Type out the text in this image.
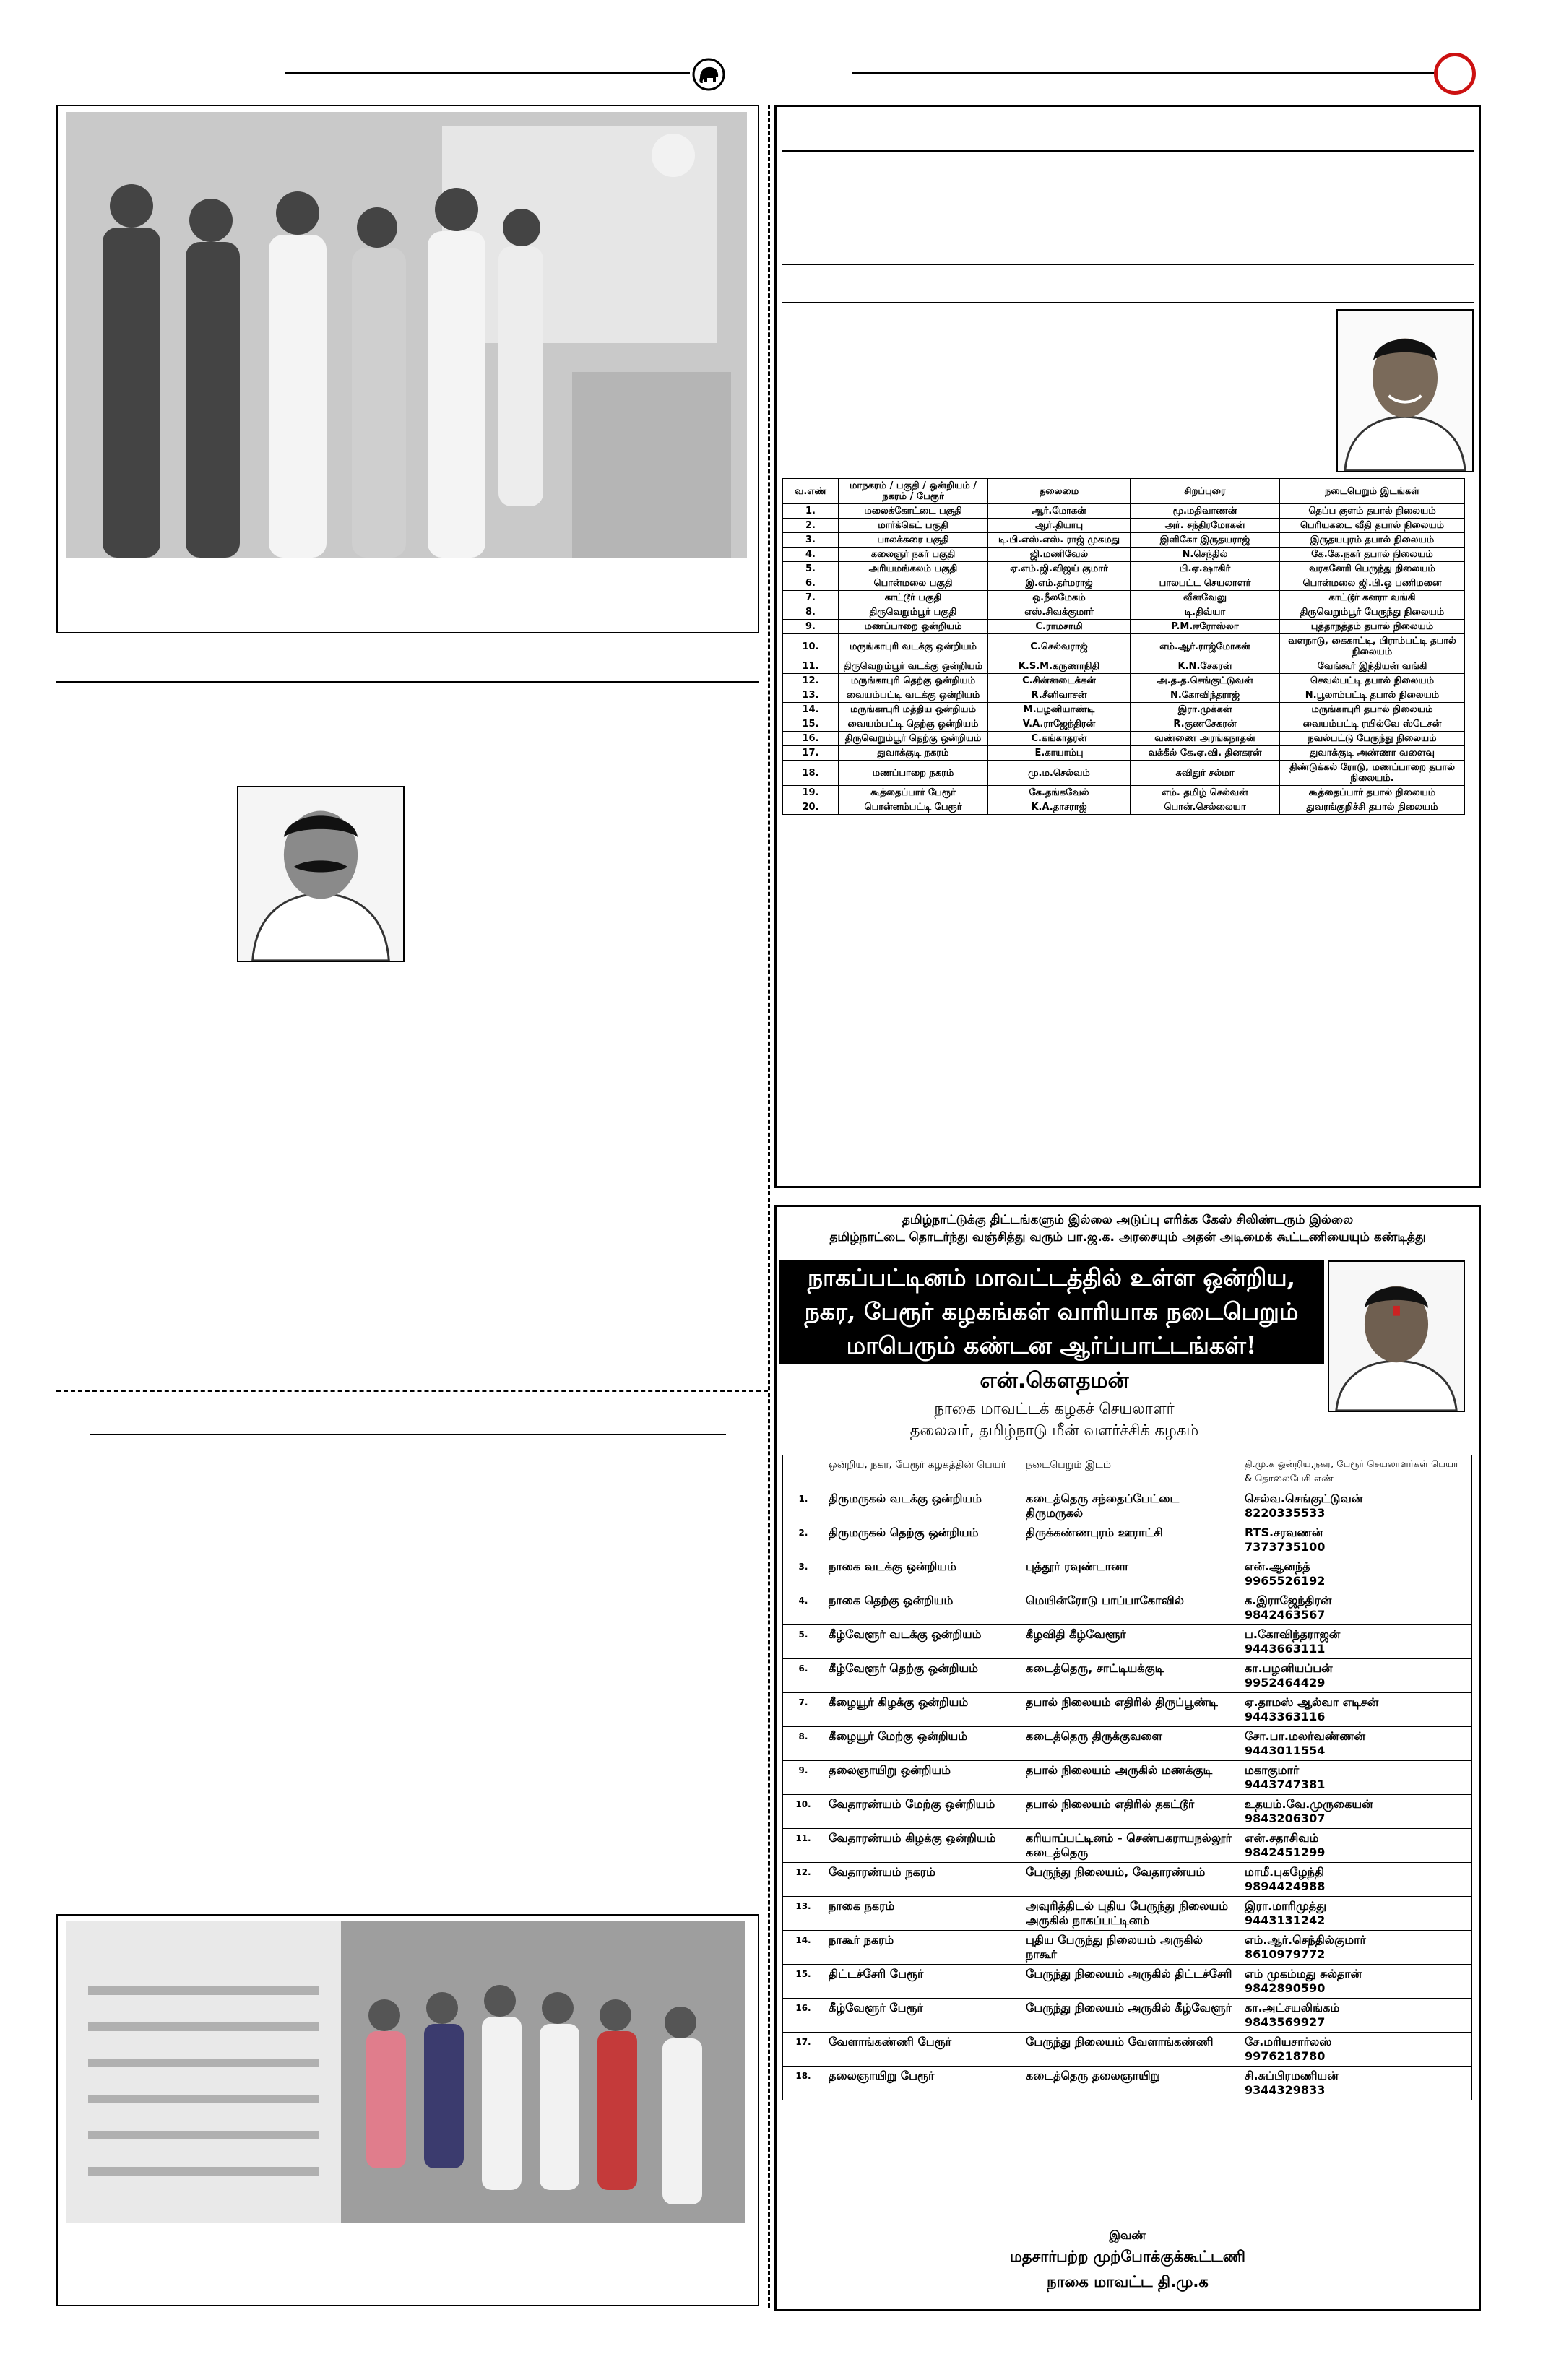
வ.எண்	மாநகரம் / பகுதி / ஒன்றியம் / நகரம் / பேரூர்	தலைமை	சிறப்புரை	நடைபெறும் இடங்கள்
1.	மலைக்கோட்டை பகுதி	ஆர்.மோகன்	மூ.மதிவாணன்	தெப்ப குளம் தபால் நிலையம்
2.	மார்க்கெட் பகுதி	ஆர்.தியாபு	அர். சந்திரமோகன்	பெரியகடை வீதி தபால் நிலையம்
3.	பாலக்கரை பகுதி	டி.பி.எஸ்.எஸ். ராஜ் முகமது	இளிகோ இருதயராஜ்	இருதயபுரம் தபால் நிலையம்
4.	கலைஞர் நகர் பகுதி	ஜி.மணிவேல்	N.செந்தில்	கே.கே.நகர் தபால் நிலையம்
5.	அரியமங்கலம் பகுதி	ஏ.எம்.ஜி.விஜய் குமார்	பி.ஏ.ஷாகிர்	வரகனேரி பெருந்து நிலையம்
6.	பொன்மலை பகுதி	இ.எம்.தர்மராஜ்	பாலபட்ட செயலாளர்	பொன்மலை ஜி.பி.ஓ பணிமனை
7.	காட்டூர் பகுதி	ஒ.நீலமேகம்	வீனவேலு	காட்டூர் கனரா வங்கி
8.	திருவெறும்பூர் பகுதி	எஸ்.சிவக்குமார்	டி.திவ்யா	திருவெறும்பூர் பேருந்து நிலையம்
9.	மணப்பாறை ஒன்றியம்	C.ராமசாமி	P.M.ஈரோஸ்லா	புத்தாநத்தம் தபால் நிலையம்
10.	மருங்காபுரி வடக்கு ஒன்றியம்	C.செல்வராஜ்	எம்.ஆர்.ராஜ்மோகன்	வளநாடு, கைகாட்டி, பிராம்பட்டி தபால் நிலையம்
11.	திருவெறும்பூர் வடக்கு ஒன்றியம்	K.S.M.கருணாநிதி	K.N.சேகரன்	வேங்கூர் இந்தியன் வங்கி
12.	மருங்காபுரி தெற்கு ஒன்றியம்	C.சின்னடைக்கன்	அ.த.த.செங்குட்டுவன்	செவல்பட்டி தபால் நிலையம்
13.	வையம்பட்டி வடக்கு ஒன்றியம்	R.சீனிவாசன்	N.கோவிந்தராஜ்	N.பூலாம்பட்டி தபால் நிலையம்
14.	மருங்காபுரி மத்திய ஒன்றியம்	M.பழனியாண்டி	இரா.முக்கன்	மருங்காபுரி தபால் நிலையம்
15.	வையம்பட்டி தெற்கு ஒன்றியம்	V.A.ராஜேந்திரன்	R.குணசேகரன்	வையம்பட்டி ரயில்வே ஸ்டேசன்
16.	திருவெறும்பூர் தெற்கு ஒன்றியம்	C.கங்காதரன்	வண்ணை அரங்கநாதன்	நவல்பட்டு பேருந்து நிலையம்
17.	துவாக்குடி நகரம்	E.காயாம்பு	வக்கீல் கே.ஏ.வி. தினகரன்	துவாக்குடி அண்ணா வளைவு
18.	மணப்பாறை நகரம்	மு.ம.செல்வம்	சுவிதுர் சல்மா	திண்டுக்கல் ரோடு, மணப்பாறை தபால் நிலையம்.
19.	கூத்தைப்பார் பேரூர்	கே.தங்கவேல்	எம். தமிழ் செல்வன்	கூத்தைப்பார் தபால் நிலையம்
20.	பொன்னம்பட்டி பேரூர்	K.A.தாசராஜ்	பொன்.செல்லையா	துவரங்குறிச்சி தபால் நிலையம்
தமிழ்நாட்டுக்கு திட்டங்களும் இல்லை அடுப்பு எரிக்க கேஸ் சிலிண்டரும் இல்லை
தமிழ்நாட்டை தொடர்ந்து வஞ்சித்து வரும் பா.ஜ.க. அரசையும் அதன் அடிமைக் கூட்டணியையும் கண்டித்து
நாகப்பட்டினம் மாவட்டத்தில் உள்ள ஒன்றிய,
நகர, பேரூர் கழகங்கள் வாரியாக நடைபெறும்
மாபெரும் கண்டன ஆர்ப்பாட்டங்கள்!
என்.கௌதமன்
நாகை மாவட்டக் கழகச் செயலாளர்
தலைவர், தமிழ்நாடு மீன் வளர்ச்சிக் கழகம்
	ஒன்றிய, நகர, பேரூர் கழகத்தின் பெயர்	நடைபெறும் இடம்	தி.மு.க ஒன்றிய,நகர, பேரூர் செயலாளர்கள் பெயர் & தொலைபேசி எண்
1.	திருமருகல் வடக்கு ஒன்றியம்	கடைத்தெரு சந்தைப்பேட்டை திருமருகல்	செல்வ.செங்குட்டுவன்
8220335533

2.	திருமருகல் தெற்கு ஒன்றியம்	திருக்கண்ணபுரம் ஊராட்சி	RTS.சரவணன்
7373735100

3.	நாகை வடக்கு ஒன்றியம்	புத்தூர் ரவுண்டானா	என்.ஆனந்த்
9965526192

4.	நாகை தெற்கு ஒன்றியம்	மெயின்ரோடு பாப்பாகோவில்	க.இராஜேந்திரன்
9842463567

5.	கீழ்வேளூர் வடக்கு ஒன்றியம்	கீழவிதி கீழ்வேளூர்	ப.கோவிந்தராஜன்
9443663111

6.	கீழ்வேளூர் தெற்கு ஒன்றியம்	கடைத்தெரு, சாட்டியக்குடி	கா.பழனியப்பன்
9952464429

7.	கீழையூர் கிழக்கு ஒன்றியம்	தபால் நிலையம் எதிரில் திருப்பூண்டி	ஏ.தாமஸ் ஆல்வா எடிசன்
9443363116

8.	கீழையூர் மேற்கு ஒன்றியம்	கடைத்தெரு திருக்குவளை	சோ.பா.மலர்வண்ணன்
9443011554

9.	தலைஞாயிறு ஒன்றியம்	தபால் நிலையம் அருகில் மணக்குடி	மகாகுமார்
9443747381

10.	வேதாரண்யம் மேற்கு ஒன்றியம்	தபால் நிலையம் எதிரில் தகட்டூர்	உதயம்.வே.முருகையன்
9843206307

11.	வேதாரண்யம் கிழக்கு ஒன்றியம்	கரியாப்பட்டினம் - செண்பகராயநல்லூர் கடைத்தெரு	என்.சதாசிவம்
9842451299

12.	வேதாரண்யம் நகரம்	பேருந்து நிலையம், வேதாரண்யம்	மாமீ.புகழேந்தி
9894424988

13.	நாகை நகரம்	அவுரித்திடல் புதிய பேருந்து நிலையம் அருகில் நாகப்பட்டினம்	இரா.மாரிமுத்து
9443131242

14.	நாகூர் நகரம்	புதிய பேருந்து நிலையம் அருகில் நாகூர்	எம்.ஆர்.செந்தில்குமார்
8610979772

15.	திட்டச்சேரி பேரூர்	பேருந்து நிலையம் அருகில் திட்டச்சேரி	எம் முகம்மது சுல்தான்
9842890590

16.	கீழ்வேளூர் பேரூர்	பேருந்து நிலையம் அருகில் கீழ்வேளூர்	கா.அட்சயலிங்கம்
9843569927

17.	வேளாங்கண்ணி பேரூர்	பேருந்து நிலையம் வேளாங்கண்ணி	சே.மரியசார்லஸ்
9976218780

18.	தலைஞாயிறு பேரூர்	கடைத்தெரு தலைஞாயிறு	சி.சுப்பிரமணியன்
9344329833
இவண்
மதசார்பற்ற முற்போக்குக்கூட்டணி
நாகை மாவட்ட தி.மு.க
